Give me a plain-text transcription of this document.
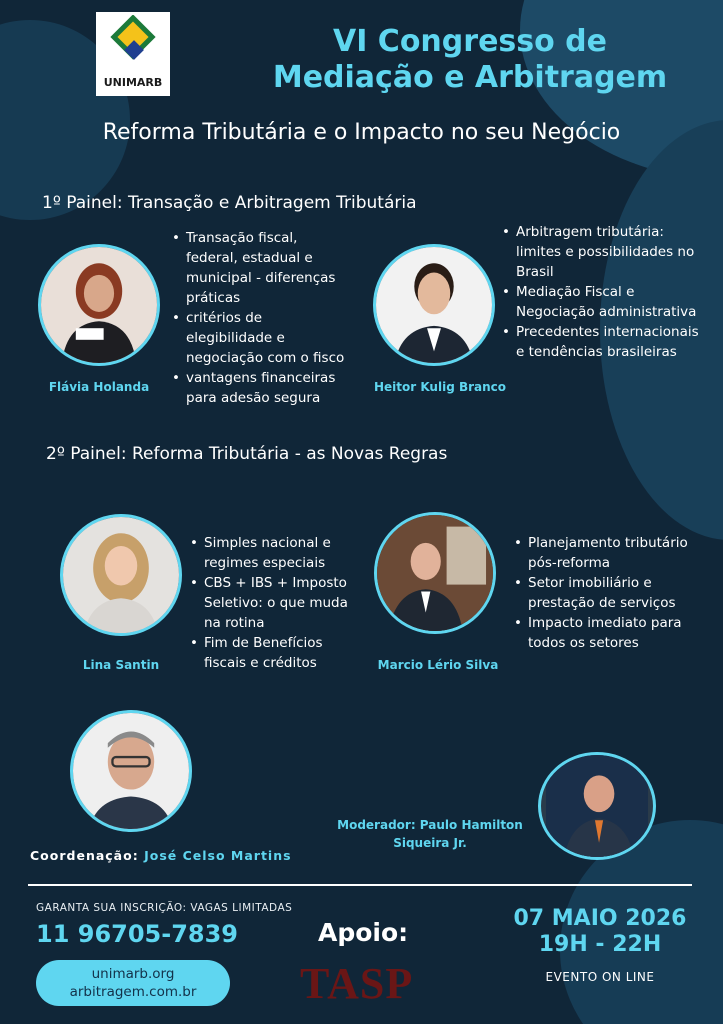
UNIMARB
VI Congresso de
Mediação e Arbitragem
Reforma Tributária e o Impacto no seu Negócio
1º Painel: Transação e Arbitragem Tributária
Flávia Holanda
• Transação fiscal, federal, estadual e municipal - diferenças práticas
• critérios de elegibilidade e negociação com o fisco
• vantagens financeiras para adesão segura
Heitor Kulig Branco
• Arbitragem tributária: limites e possibilidades no Brasil
• Mediação Fiscal e Negociação administrativa
• Precedentes internacionais e tendências brasileiras
2º Painel: Reforma Tributária - as Novas Regras
Lina Santin
• Simples nacional e regimes especiais
• CBS + IBS + Imposto Seletivo: o que muda na rotina
• Fim de Benefícios fiscais e créditos	Marcio Lério Silva
• Planejamento tributário pós-reforma
• Setor imobiliário e prestação de serviços
• Impacto imediato para todos os setores
Coordenação: José Celso Martins
Moderador: Paulo Hamilton
Siqueira Jr.
GARANTA SUA INSCRIÇÃO: VAGAS LIMITADAS
11 96705-7839
unimarb.org
arbitragem.com.br
Apoio:
TASP
07 MAIO 2026
19H - 22H
EVENTO ON LINE
